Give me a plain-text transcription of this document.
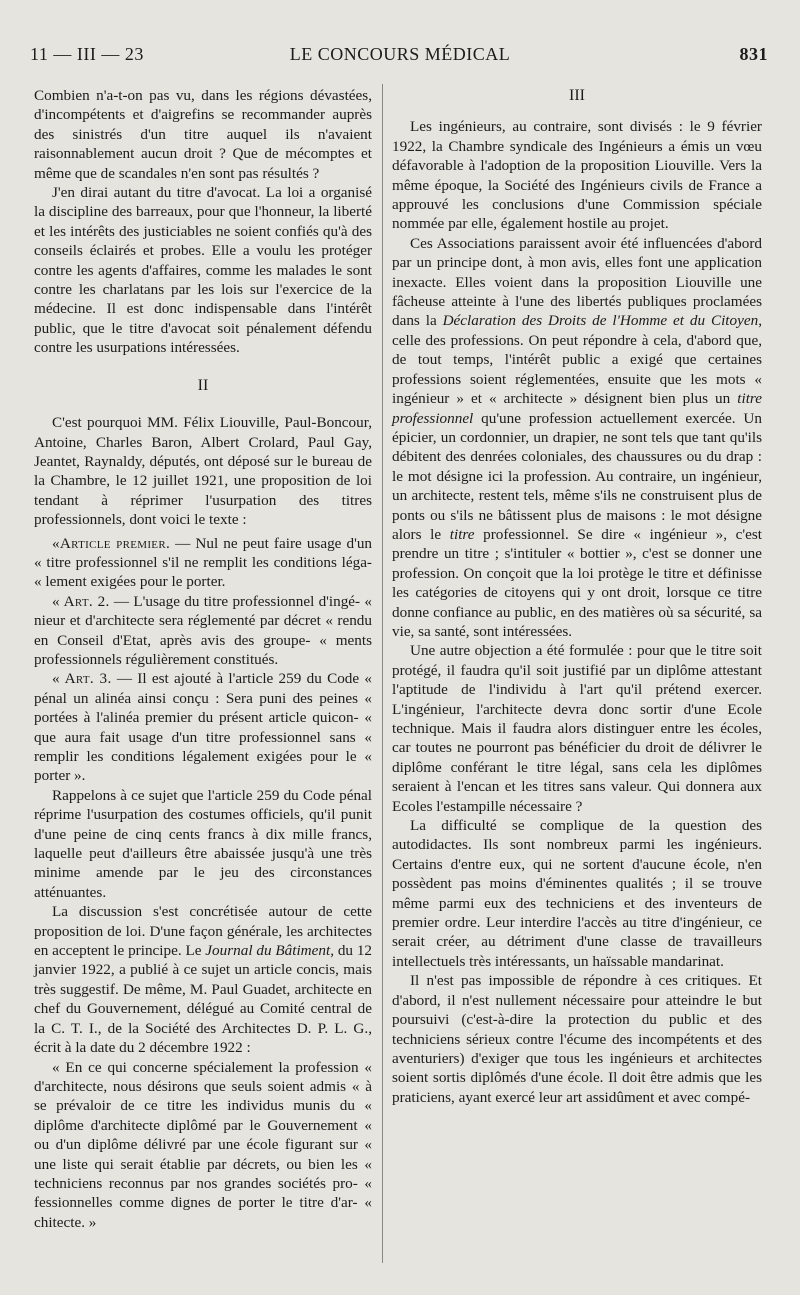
11 — III — 23	LE CONCOURS MÉDICAL	831

Combien n'a-t-on pas vu, dans les régions dévastées, d'incompétents et d'aigrefins se recommander auprès des sinistrés d'un titre auquel ils n'avaient raisonnablement aucun droit ? Que de mécomptes et même que de scandales n'en sont pas résultés ?

J'en dirai autant du titre d'avocat. La loi a organisé la discipline des barreaux, pour que l'honneur, la liberté et les intérêts des justiciables ne soient confiés qu'à des conseils éclairés et probes. Elle a voulu les protéger contre les agents d'affaires, comme les malades le sont contre les charlatans par les lois sur l'exercice de la médecine. Il est donc indispensable dans l'intérêt public, que le titre d'avocat soit pénalement défendu contre les usurpations intéressées.

II

C'est pourquoi MM. Félix Liouville, Paul-Boncour, Antoine, Charles Baron, Albert Crolard, Paul Gay, Jeantet, Raynaldy, députés, ont déposé sur le bureau de la Chambre, le 12 juillet 1921, une proposition de loi tendant à réprimer l'usurpation des titres professionnels, dont voici le texte :

«Article premier. — Nul ne peut faire usage d'un « titre professionnel s'il ne remplit les conditions léga- « lement exigées pour le porter.

« Art. 2. — L'usage du titre professionnel d'ingé- « nieur et d'architecte sera réglementé par décret « rendu en Conseil d'Etat, après avis des groupe- « ments professionnels régulièrement constitués.

« Art. 3. — Il est ajouté à l'article 259 du Code « pénal un alinéa ainsi conçu : Sera puni des peines « portées à l'alinéa premier du présent article quicon- « que aura fait usage d'un titre professionnel sans « remplir les conditions légalement exigées pour le « porter ».

Rappelons à ce sujet que l'article 259 du Code pénal réprime l'usurpation des costumes officiels, qu'il punit d'une peine de cinq cents francs à dix mille francs, laquelle peut d'ailleurs être abaissée jusqu'à une très minime amende par le jeu des circonstances atténuantes.

La discussion s'est concrétisée autour de cette proposition de loi. D'une façon générale, les architectes en acceptent le principe. Le Journal du Bâtiment, du 12 janvier 1922, a publié à ce sujet un article concis, mais très suggestif. De même, M. Paul Guadet, architecte en chef du Gouvernement, délégué au Comité central de la C. T. I., de la Société des Architectes D. P. L. G., écrit à la date du 2 décembre 1922 :

« En ce qui concerne spécialement la profession « d'architecte, nous désirons que seuls soient admis « à se prévaloir de ce titre les individus munis du « diplôme d'architecte diplômé par le Gouvernement « ou d'un diplôme délivré par une école figurant sur « une liste qui serait établie par décrets, ou bien les « techniciens reconnus par nos grandes sociétés pro- « fessionnelles comme dignes de porter le titre d'ar- « chitecte. »

III

Les ingénieurs, au contraire, sont divisés : le 9 février 1922, la Chambre syndicale des Ingénieurs a émis un vœu défavorable à l'adoption de la proposition Liouville. Vers la même époque, la Société des Ingénieurs civils de France a approuvé les conclusions d'une Commission spéciale nommée par elle, également hostile au projet.

Ces Associations paraissent avoir été influencées d'abord par un principe dont, à mon avis, elles font une application inexacte. Elles voient dans la proposition Liouville une fâcheuse atteinte à l'une des libertés publiques proclamées dans la Déclaration des Droits de l'Homme et du Citoyen, celle des professions. On peut répondre à cela, d'abord que, de tout temps, l'intérêt public a exigé que certaines professions soient réglementées, ensuite que les mots « ingénieur » et « architecte » désignent bien plus un titre professionnel qu'une profession actuellement exercée. Un épicier, un cordonnier, un drapier, ne sont tels que tant qu'ils débitent des denrées coloniales, des chaussures ou du drap : le mot désigne ici la profession. Au contraire, un ingénieur, un architecte, restent tels, même s'ils ne construisent plus de ponts ou s'ils ne bâtissent plus de maisons : le mot désigne alors le titre professionnel. Se dire « ingénieur », c'est prendre un titre ; s'intituler « bottier », c'est se donner une profession. On conçoit que la loi protège le titre et définisse les catégories de citoyens qui y ont droit, lorsque ce titre donne confiance au public, en des matières où sa sécurité, sa vie, sa santé, sont intéressées.

Une autre objection a été formulée : pour que le titre soit protégé, il faudra qu'il soit justifié par un diplôme attestant l'aptitude de l'individu à l'art qu'il prétend exercer. L'ingénieur, l'architecte devra donc sortir d'une Ecole technique. Mais il faudra alors distinguer entre les écoles, car toutes ne pourront pas bénéficier du droit de délivrer le diplôme conférant le titre légal, sans cela les diplômes seraient à l'encan et les titres sans valeur. Qui donnera aux Ecoles l'estampille nécessaire ?

La difficulté se complique de la question des autodidactes. Ils sont nombreux parmi les ingénieurs. Certains d'entre eux, qui ne sortent d'aucune école, n'en possèdent pas moins d'éminentes qualités ; il se trouve même parmi eux des techniciens et des inventeurs de premier ordre. Leur interdire l'accès au titre d'ingénieur, ce serait créer, au détriment d'une classe de travailleurs intellectuels très intéressants, un haïssable mandarinat.

Il n'est pas impossible de répondre à ces critiques. Et d'abord, il n'est nullement nécessaire pour atteindre le but poursuivi (c'est-à-dire la protection du public et des techniciens sérieux contre l'écume des incompétents et des aventuriers) d'exiger que tous les ingénieurs et architectes soient sortis diplômés d'une école. Il doit être admis que les praticiens, ayant exercé leur art assidûment et avec compé-
